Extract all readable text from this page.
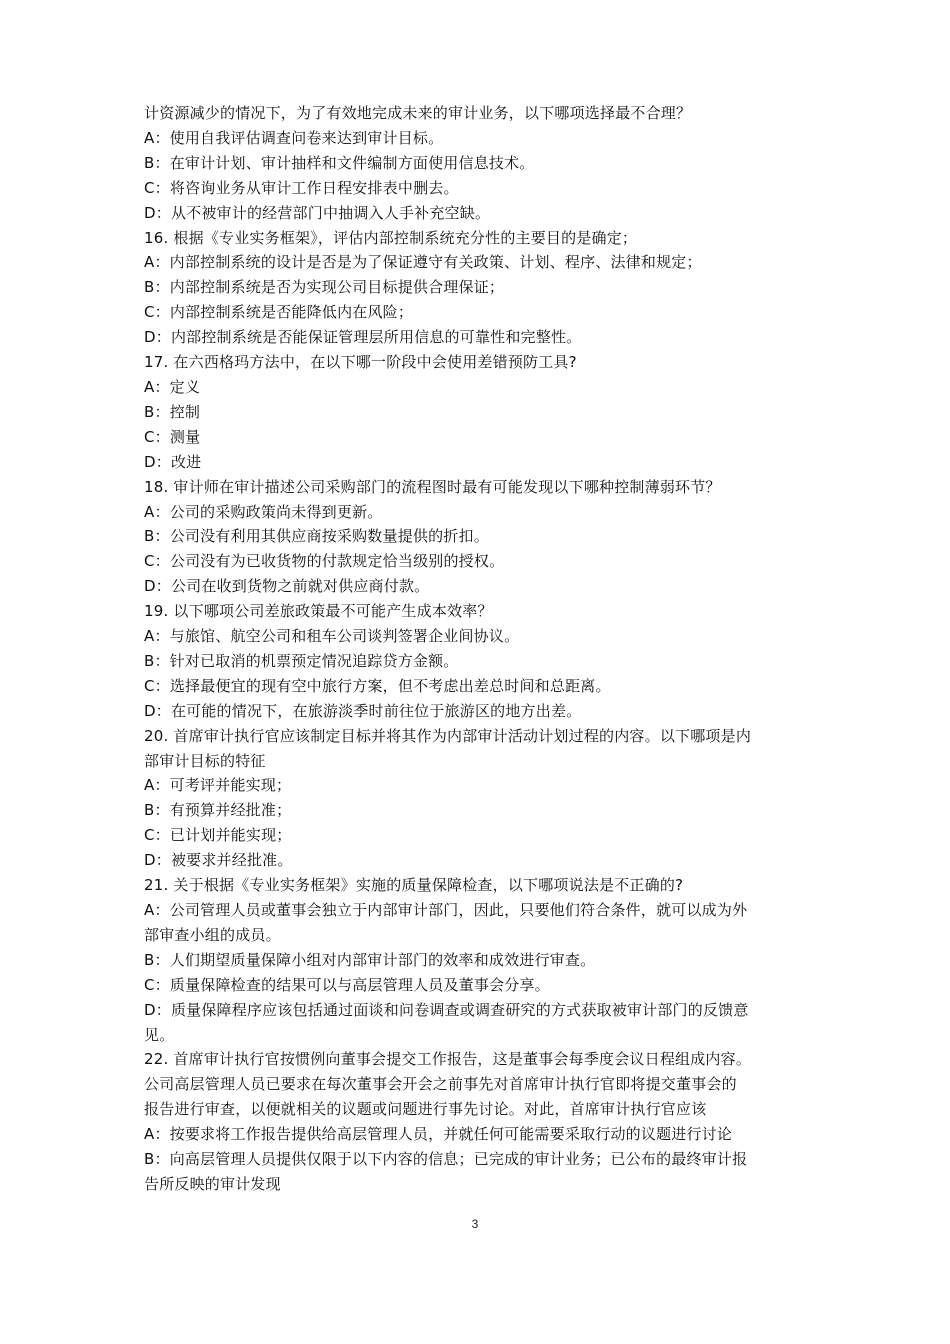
计资源减少的情况下，为了有效地完成未来的审计业务，以下哪项选择最不合理？
A：使用自我评估调查问卷来达到审计目标。
B：在审计计划、审计抽样和文件编制方面使用信息技术。
C：将咨询业务从审计工作日程安排表中删去。
D：从不被审计的经营部门中抽调入人手补充空缺。
16. 根据《专业实务框架》，评估内部控制系统充分性的主要目的是确定；
A：内部控制系统的设计是否是为了保证遵守有关政策、计划、程序、法律和规定；
B：内部控制系统是否为实现公司目标提供合理保证；
C：内部控制系统是否能降低内在风险；
D：内部控制系统是否能保证管理层所用信息的可靠性和完整性。
17. 在六西格玛方法中，在以下哪一阶段中会使用差错预防工具?
A：定义
B：控制
C：测量
D：改进
18. 审计师在审计描述公司采购部门的流程图时最有可能发现以下哪种控制薄弱环节？
A：公司的采购政策尚未得到更新。
B：公司没有利用其供应商按采购数量提供的折扣。
C：公司没有为已收货物的付款规定恰当级别的授权。
D：公司在收到货物之前就对供应商付款。
19. 以下哪项公司差旅政策最不可能产生成本效率？
A：与旅馆、航空公司和租车公司谈判签署企业间协议。
B：针对已取消的机票预定情况追踪贷方金额。
C：选择最便宜的现有空中旅行方案，但不考虑出差总时间和总距离。
D：在可能的情况下，在旅游淡季时前往位于旅游区的地方出差。
20. 首席审计执行官应该制定目标并将其作为内部审计活动计划过程的内容。以下哪项是内
部审计目标的特征
A：可考评并能实现；
B：有预算并经批准；
C：已计划并能实现；
D：被要求并经批准。
21. 关于根据《专业实务框架》实施的质量保障检查，以下哪项说法是不正确的?
A：公司管理人员或董事会独立于内部审计部门，因此，只要他们符合条件，就可以成为外
部审查小组的成员。
B：人们期望质量保障小组对内部审计部门的效率和成效进行审查。
C：质量保障检查的结果可以与高层管理人员及董事会分享。
D：质量保障程序应该包括通过面谈和问卷调查或调查研究的方式获取被审计部门的反馈意
见。
22. 首席审计执行官按惯例向董事会提交工作报告，这是董事会每季度会议日程组成内容。
公司高层管理人员已要求在每次董事会开会之前事先对首席审计执行官即将提交董事会的
报告进行审查，以便就相关的议题或问题进行事先讨论。对此，首席审计执行官应该
A：按要求将工作报告提供给高层管理人员，并就任何可能需要采取行动的议题进行讨论
B：向高层管理人员提供仅限于以下内容的信息；已完成的审计业务；已公布的最终审计报
告所反映的审计发现
3
